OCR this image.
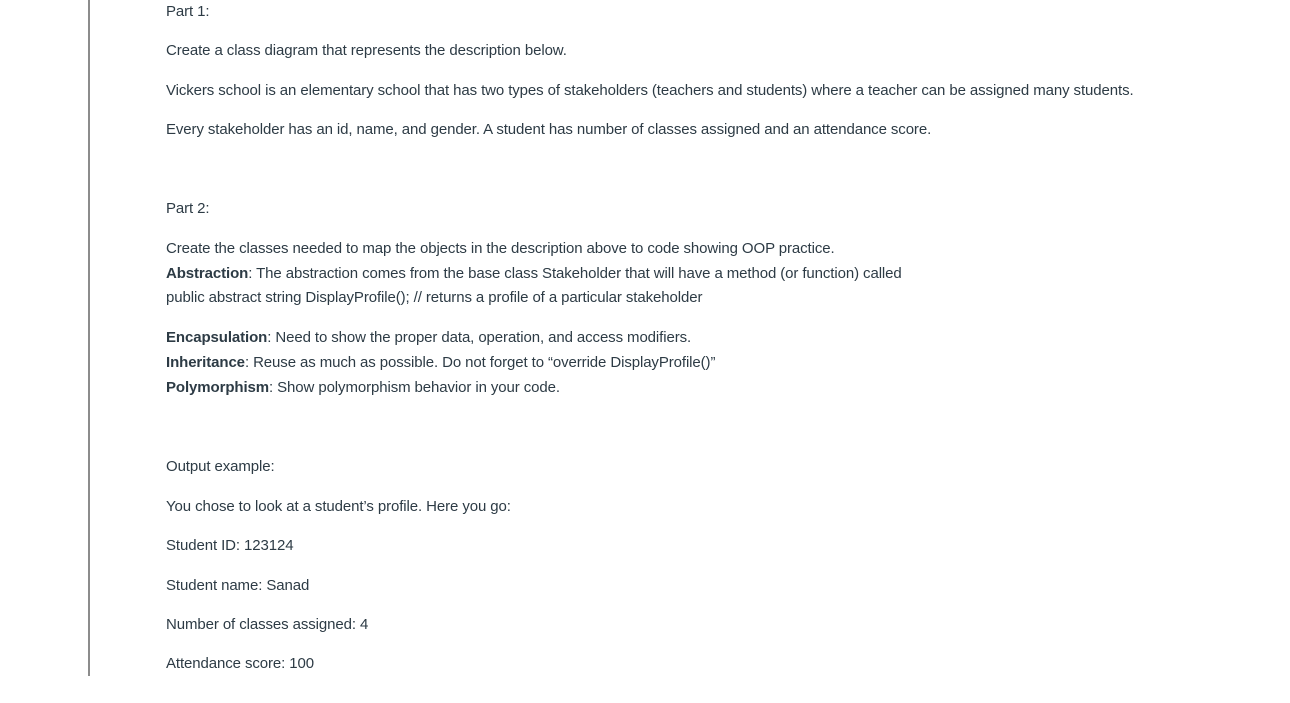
Part 1:
Create a class diagram that represents the description below.
Vickers school is an elementary school that has two types of stakeholders (teachers and students) where a teacher can be assigned many students.
Every stakeholder has an id, name, and gender. A student has number of classes assigned and an attendance score.
Part 2:
Create the classes needed to map the objects in the description above to code showing OOP practice.
Abstraction: The abstraction comes from the base class Stakeholder that will have a method (or function) called
public abstract string DisplayProfile(); // returns a profile of a particular stakeholder
Encapsulation: Need to show the proper data, operation, and access modifiers.
Inheritance: Reuse as much as possible. Do not forget to “override DisplayProfile()”
Polymorphism: Show polymorphism behavior in your code.
Output example:
You chose to look at a student’s profile. Here you go:
Student ID: 123124
Student name: Sanad
Number of classes assigned: 4
Attendance score: 100
